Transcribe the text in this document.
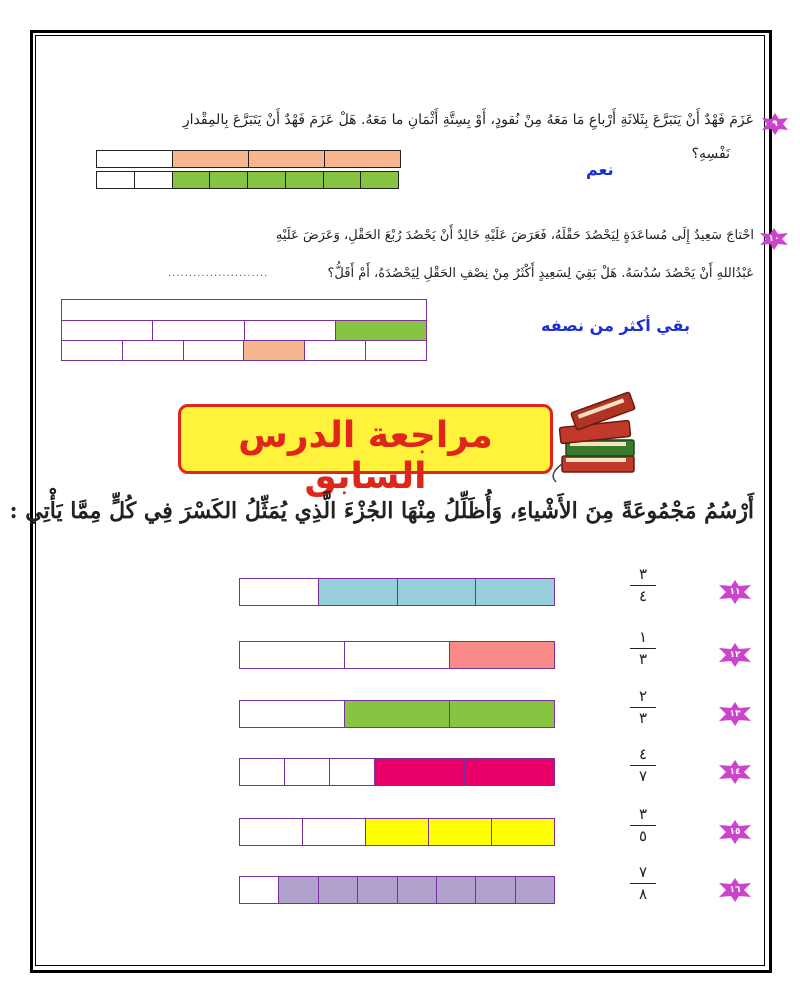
٩
عَزَمَ فَهْدٌ أَنْ يَتَبَرَّعَ بِثَلاثَةِ أَرْباعِ مَا مَعَهُ مِنْ نُقودٍ، أَوْ بِسِتَّةِ أَثْمَانِ ما مَعَهُ. هَلْ عَزَمَ فَهْدٌ أَنْ يَتَبَرَّعَ بِالمِقْدارِ
نَفْسِهِ؟
نعم
١٠
احْتاجَ سَعِيدٌ إِلَى مُساعَدَةٍ لِيَحْصُدَ حَقْلَهُ، فَعَرَضَ عَلَيْهِ خَالِدٌ أَنْ يَحْصُدَ رُبْعَ الحَقْلِ، وَعَرَضَ عَلَيْهِ
عَبْدُاللهِ أَنْ يَحْصُدَ سُدُسَهُ. هَلْ بَقِيَ لِسَعِيدٍ أَكْثَرُ مِنْ نِصْفِ الحَقْلِ لِيَحْصُدَهُ، أَمْ أَقَلُّ؟
........................
بقي أكثر من نصفه
مراجعة الدرس السابق
أَرْسُمُ مَجْمُوعَةً مِنَ الأَشْياءِ، وَأُظَلِّلُ مِنْهَا الجُزْءَ الَّذِي يُمَثِّلُ الكَسْرَ فِي كُلٍّ مِمَّا يَأْتِي :
٣
٤	١١
١
٣	١٢
٢
٣	١٣
٤
٧	١٤
٣
٥	١٥
٧
٨	١٦
